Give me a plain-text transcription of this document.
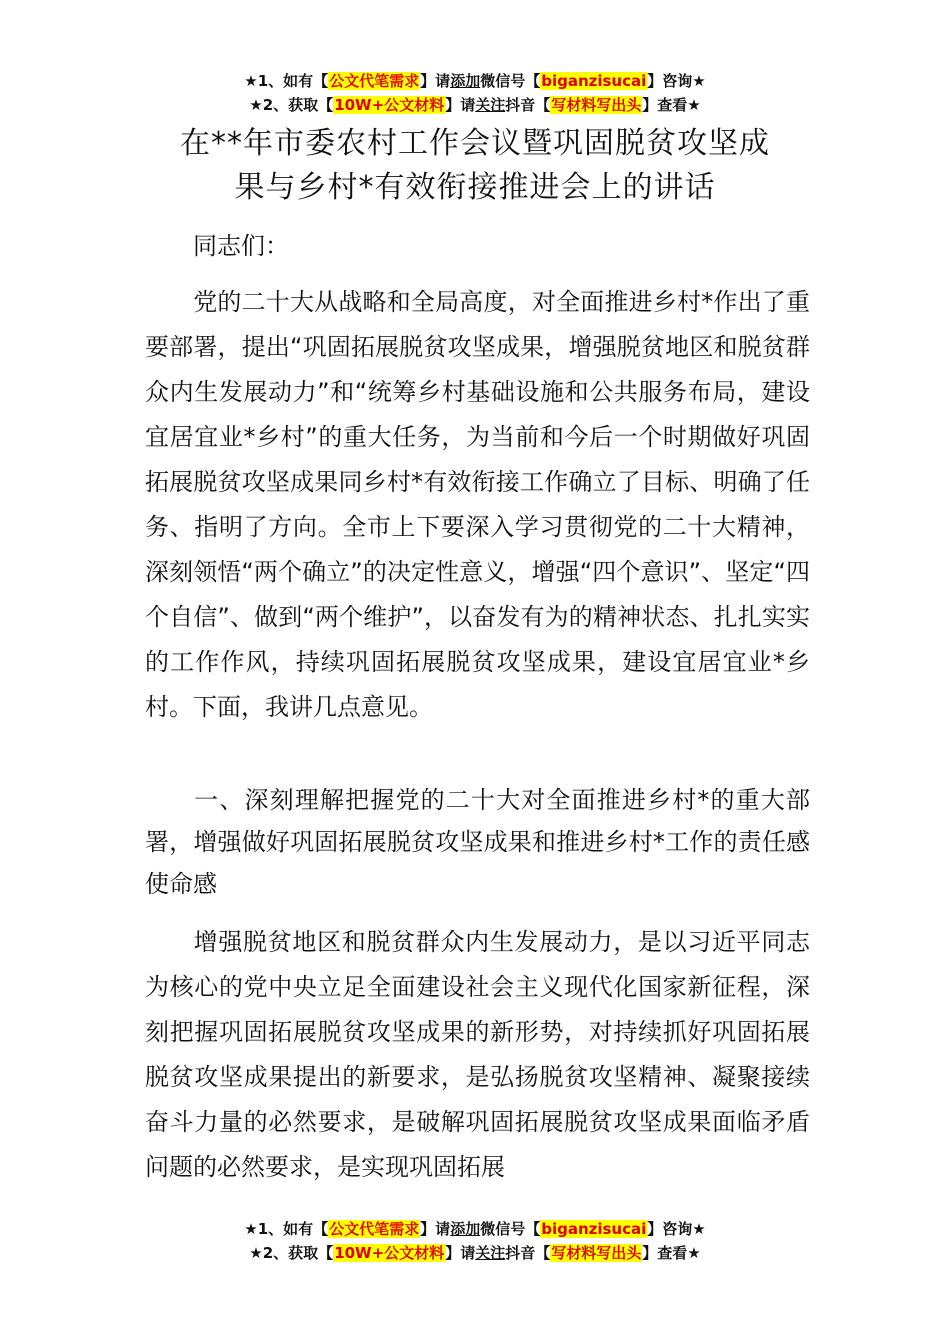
★1、如有【公文代笔需求】请添加微信号【biganzisucai】咨询★
★2、获取【10W+公文材料】请关注抖音【写材料写出头】查看★
在**年市委农村工作会议暨巩固脱贫攻坚成
果与乡村*有效衔接推进会上的讲话
同志们：
党的二十大从战略和全局高度，对全面推进乡村*作出了重要部署，提出“巩固拓展脱贫攻坚成果，增强脱贫地区和脱贫群众内生发展动力”和“统筹乡村基础设施和公共服务布局，建设宜居宜业*乡村”的重大任务，为当前和今后一个时期做好巩固拓展脱贫攻坚成果同乡村*有效衔接工作确立了目标、明确了任务、指明了方向。全市上下要深入学习贯彻党的二十大精神，深刻领悟“两个确立”的决定性意义，增强“四个意识”、坚定“四个自信”、做到“两个维护”，以奋发有为的精神状态、扎扎实实的工作作风，持续巩固拓展脱贫攻坚成果，建设宜居宜业*乡村。下面，我讲几点意见。
一、深刻理解把握党的二十大对全面推进乡村*的重大部署，增强做好巩固拓展脱贫攻坚成果和推进乡村*工作的责任感使命感
增强脱贫地区和脱贫群众内生发展动力，是以习近平同志为核心的党中央立足全面建设社会主义现代化国家新征程，深刻把握巩固拓展脱贫攻坚成果的新形势，对持续抓好巩固拓展脱贫攻坚成果提出的新要求，是弘扬脱贫攻坚精神、凝聚接续奋斗力量的必然要求，是破解巩固拓展脱贫攻坚成果面临矛盾问题的必然要求，是实现巩固拓展
★1、如有【公文代笔需求】请添加微信号【biganzisucai】咨询★
★2、获取【10W+公文材料】请关注抖音【写材料写出头】查看★
